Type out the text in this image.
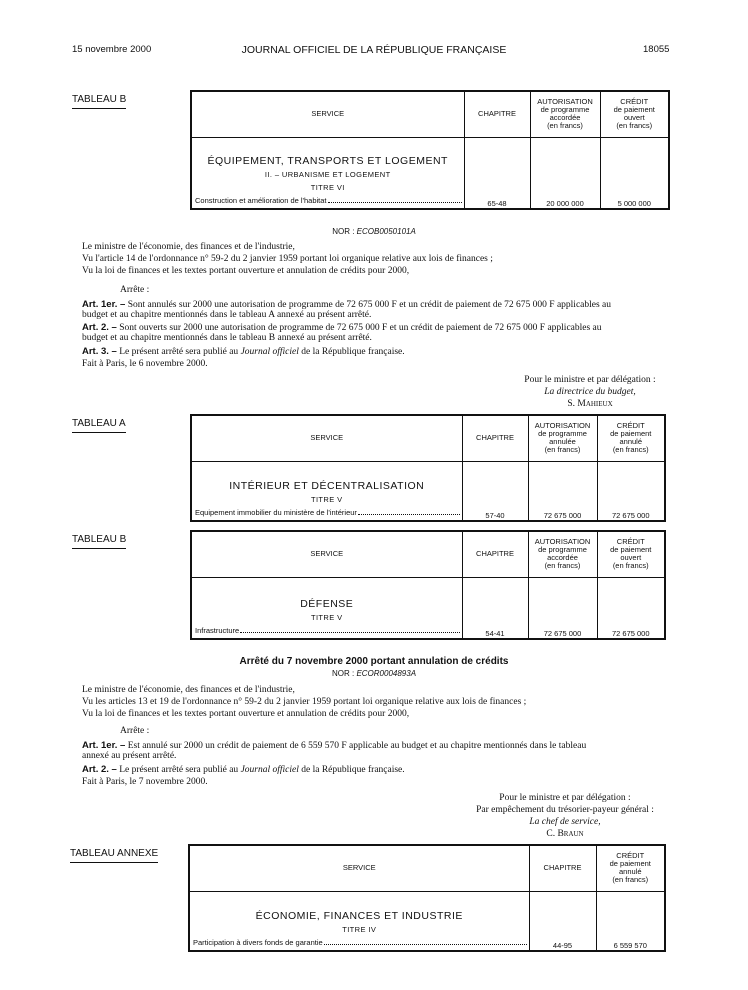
15 novembre 2000	JOURNAL OFFICIEL DE LA RÉPUBLIQUE FRANÇAISE	18055
TABLEAU B
SERVICE	CHAPITRE	AUTORISATION
de programme
accordée
(en francs)	CRÉDIT
de paiement
ouvert
(en francs)

ÉQUIPEMENT, TRANSPORTS ET LOGEMENT
II. – URBANISME ET LOGEMENT
TITRE VI
Construction et amélioration de l'habitat	65-48	20 000 000	5 000 000
NOR : ECOB0050101A
Le ministre de l'économie, des finances et de l'industrie,
Vu l'article 14 de l'ordonnance n° 59-2 du 2 janvier 1959 portant loi organique relative aux lois de finances ;
Vu la loi de finances et les textes portant ouverture et annulation de crédits pour 2000,
Arrête :
Art. 1er. – Sont annulés sur 2000 une autorisation de programme de 72 675 000 F et un crédit de paiement de 72 675 000 F applicables au
budget et au chapitre mentionnés dans le tableau A annexé au présent arrêté.
Art. 2. – Sont ouverts sur 2000 une autorisation de programme de 72 675 000 F et un crédit de paiement de 72 675 000 F applicables au
budget et au chapitre mentionnés dans le tableau B annexé au présent arrêté.
Art. 3. – Le présent arrêté sera publié au Journal officiel de la République française.
Fait à Paris, le 6 novembre 2000.
Pour le ministre et par délégation :
La directrice du budget,
S. Mahieux
TABLEAU A
SERVICE	CHAPITRE	AUTORISATION
de programme
annulée
(en francs)	CRÉDIT
de paiement
annulé
(en francs)

INTÉRIEUR ET DÉCENTRALISATION
TITRE V
Equipement immobilier du ministère de l'intérieur	57-40	72 675 000	72 675 000
TABLEAU B
SERVICE	CHAPITRE	AUTORISATION
de programme
accordée
(en francs)	CRÉDIT
de paiement
ouvert
(en francs)

DÉFENSE
TITRE V
Infrastructure	54-41	72 675 000	72 675 000
Arrêté du 7 novembre 2000 portant annulation de crédits
NOR : ECOR0004893A
Le ministre de l'économie, des finances et de l'industrie,
Vu les articles 13 et 19 de l'ordonnance n° 59-2 du 2 janvier 1959 portant loi organique relative aux lois de finances ;
Vu la loi de finances et les textes portant ouverture et annulation de crédits pour 2000,
Arrête :
Art. 1er. – Est annulé sur 2000 un crédit de paiement de 6 559 570 F applicable au budget et au chapitre mentionnés dans le tableau
annexé au présent arrêté.
Art. 2. – Le présent arrêté sera publié au Journal officiel de la République française.
Fait à Paris, le 7 novembre 2000.
Pour le ministre et par délégation :
Par empêchement du trésorier-payeur général :
La chef de service,
C. Braun
TABLEAU ANNEXE
SERVICE	CHAPITRE	CRÉDIT
de paiement
annulé
(en francs)

ÉCONOMIE, FINANCES ET INDUSTRIE
TITRE IV
Participation à divers fonds de garantie	44-95	6 559 570
